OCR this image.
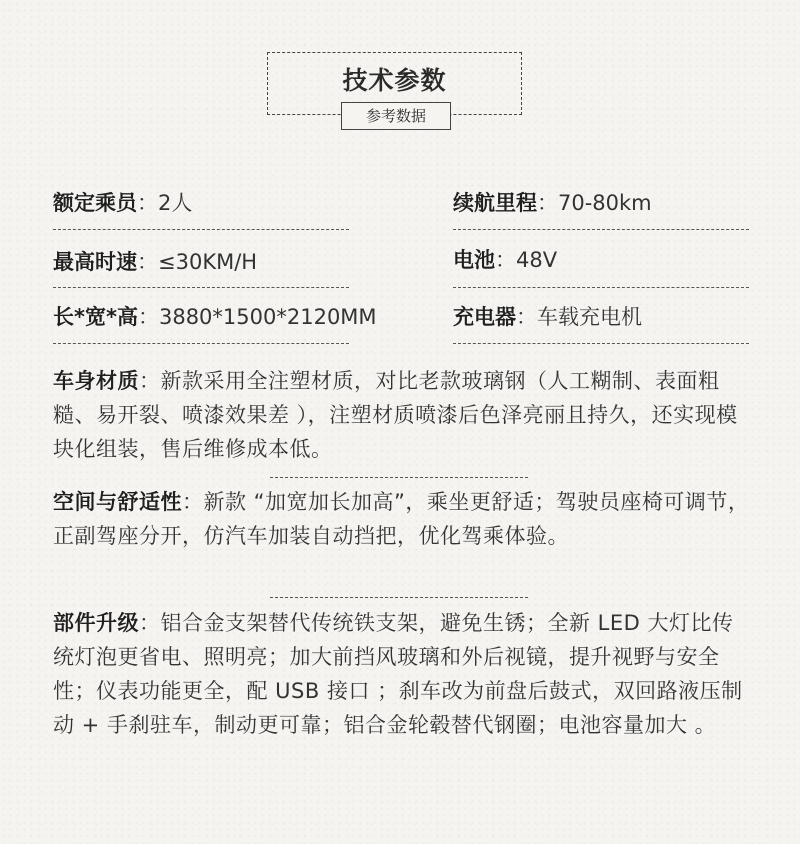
技术参数
参考数据
额定乘员：2人	续航里程：70-80km
最高时速：≤30KM/H	电池：48V
长*宽*高：3880*1500*2120MM	充电器：车载充电机
车身材质：新款采用全注塑材质，对比老款玻璃钢（人工糊制、表面粗糙、易开裂、喷漆效果差 ），注塑材质喷漆后色泽亮丽且持久，还实现模块化组装，售后维修成本低。
空间与舒适性：新款 “加宽加长加高”，乘坐更舒适；驾驶员座椅可调节，正副驾座分开，仿汽车加装自动挡把，优化驾乘体验。
部件升级：铝合金支架替代传统铁支架，避免生锈；全新 LED 大灯比传统灯泡更省电、照明亮；加大前挡风玻璃和外后视镜，提升视野与安全性；仪表功能更全，配 USB 接口 ；刹车改为前盘后鼓式，双回路液压制动 + 手刹驻车，制动更可靠；铝合金轮毂替代钢圈；电池容量加大 。
